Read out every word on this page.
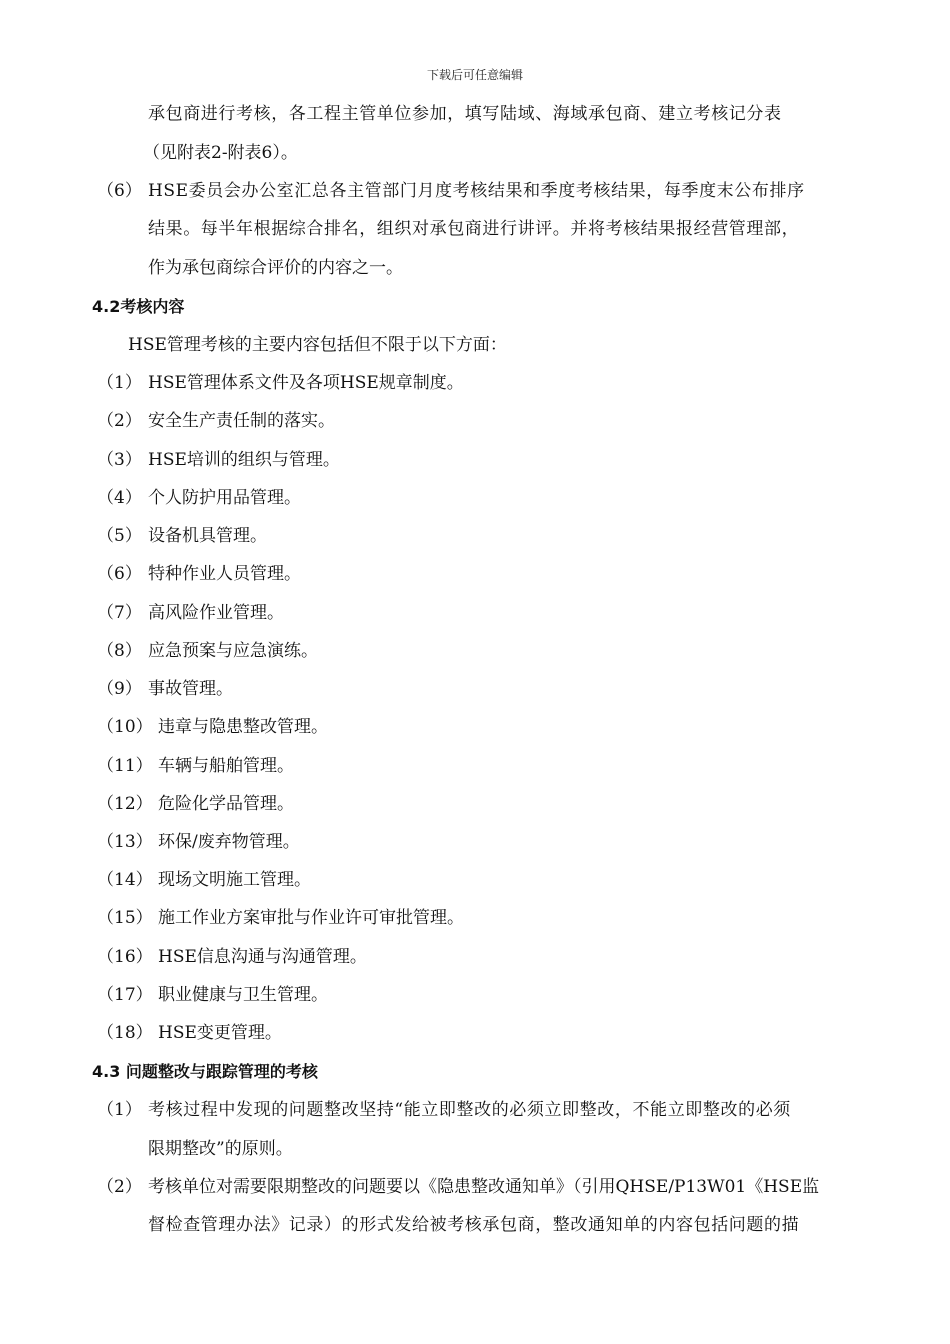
下载后可任意编辑
承包商进行考核，各工程主管单位参加，填写陆域、海域承包商、建立考核记分表
（见附表2-附表6）。
（6） HSE委员会办公室汇总各主管部门月度考核结果和季度考核结果，每季度末公布排序
结果。每半年根据综合排名，组织对承包商进行讲评。并将考核结果报经营管理部，
作为承包商综合评价的内容之一。
4.2考核内容
HSE管理考核的主要内容包括但不限于以下方面：
（1） HSE管理体系文件及各项HSE规章制度。
（2） 安全生产责任制的落实。
（3） HSE培训的组织与管理。
（4） 个人防护用品管理。
（5） 设备机具管理。
（6） 特种作业人员管理。
（7） 高风险作业管理。
（8） 应急预案与应急演练。
（9） 事故管理。
（10） 违章与隐患整改管理。
（11） 车辆与船舶管理。
（12） 危险化学品管理。
（13） 环保/废弃物管理。
（14） 现场文明施工管理。
（15） 施工作业方案审批与作业许可审批管理。
（16） HSE信息沟通与沟通管理。
（17） 职业健康与卫生管理。
（18） HSE变更管理。
4.3 问题整改与跟踪管理的考核
（1） 考核过程中发现的问题整改坚持“能立即整改的必须立即整改，不能立即整改的必须
限期整改”的原则。
（2） 考核单位对需要限期整改的问题要以《隐患整改通知单》（引用QHSE/P13W01《HSE监
督检查管理办法》记录）的形式发给被考核承包商，整改通知单的内容包括问题的描
